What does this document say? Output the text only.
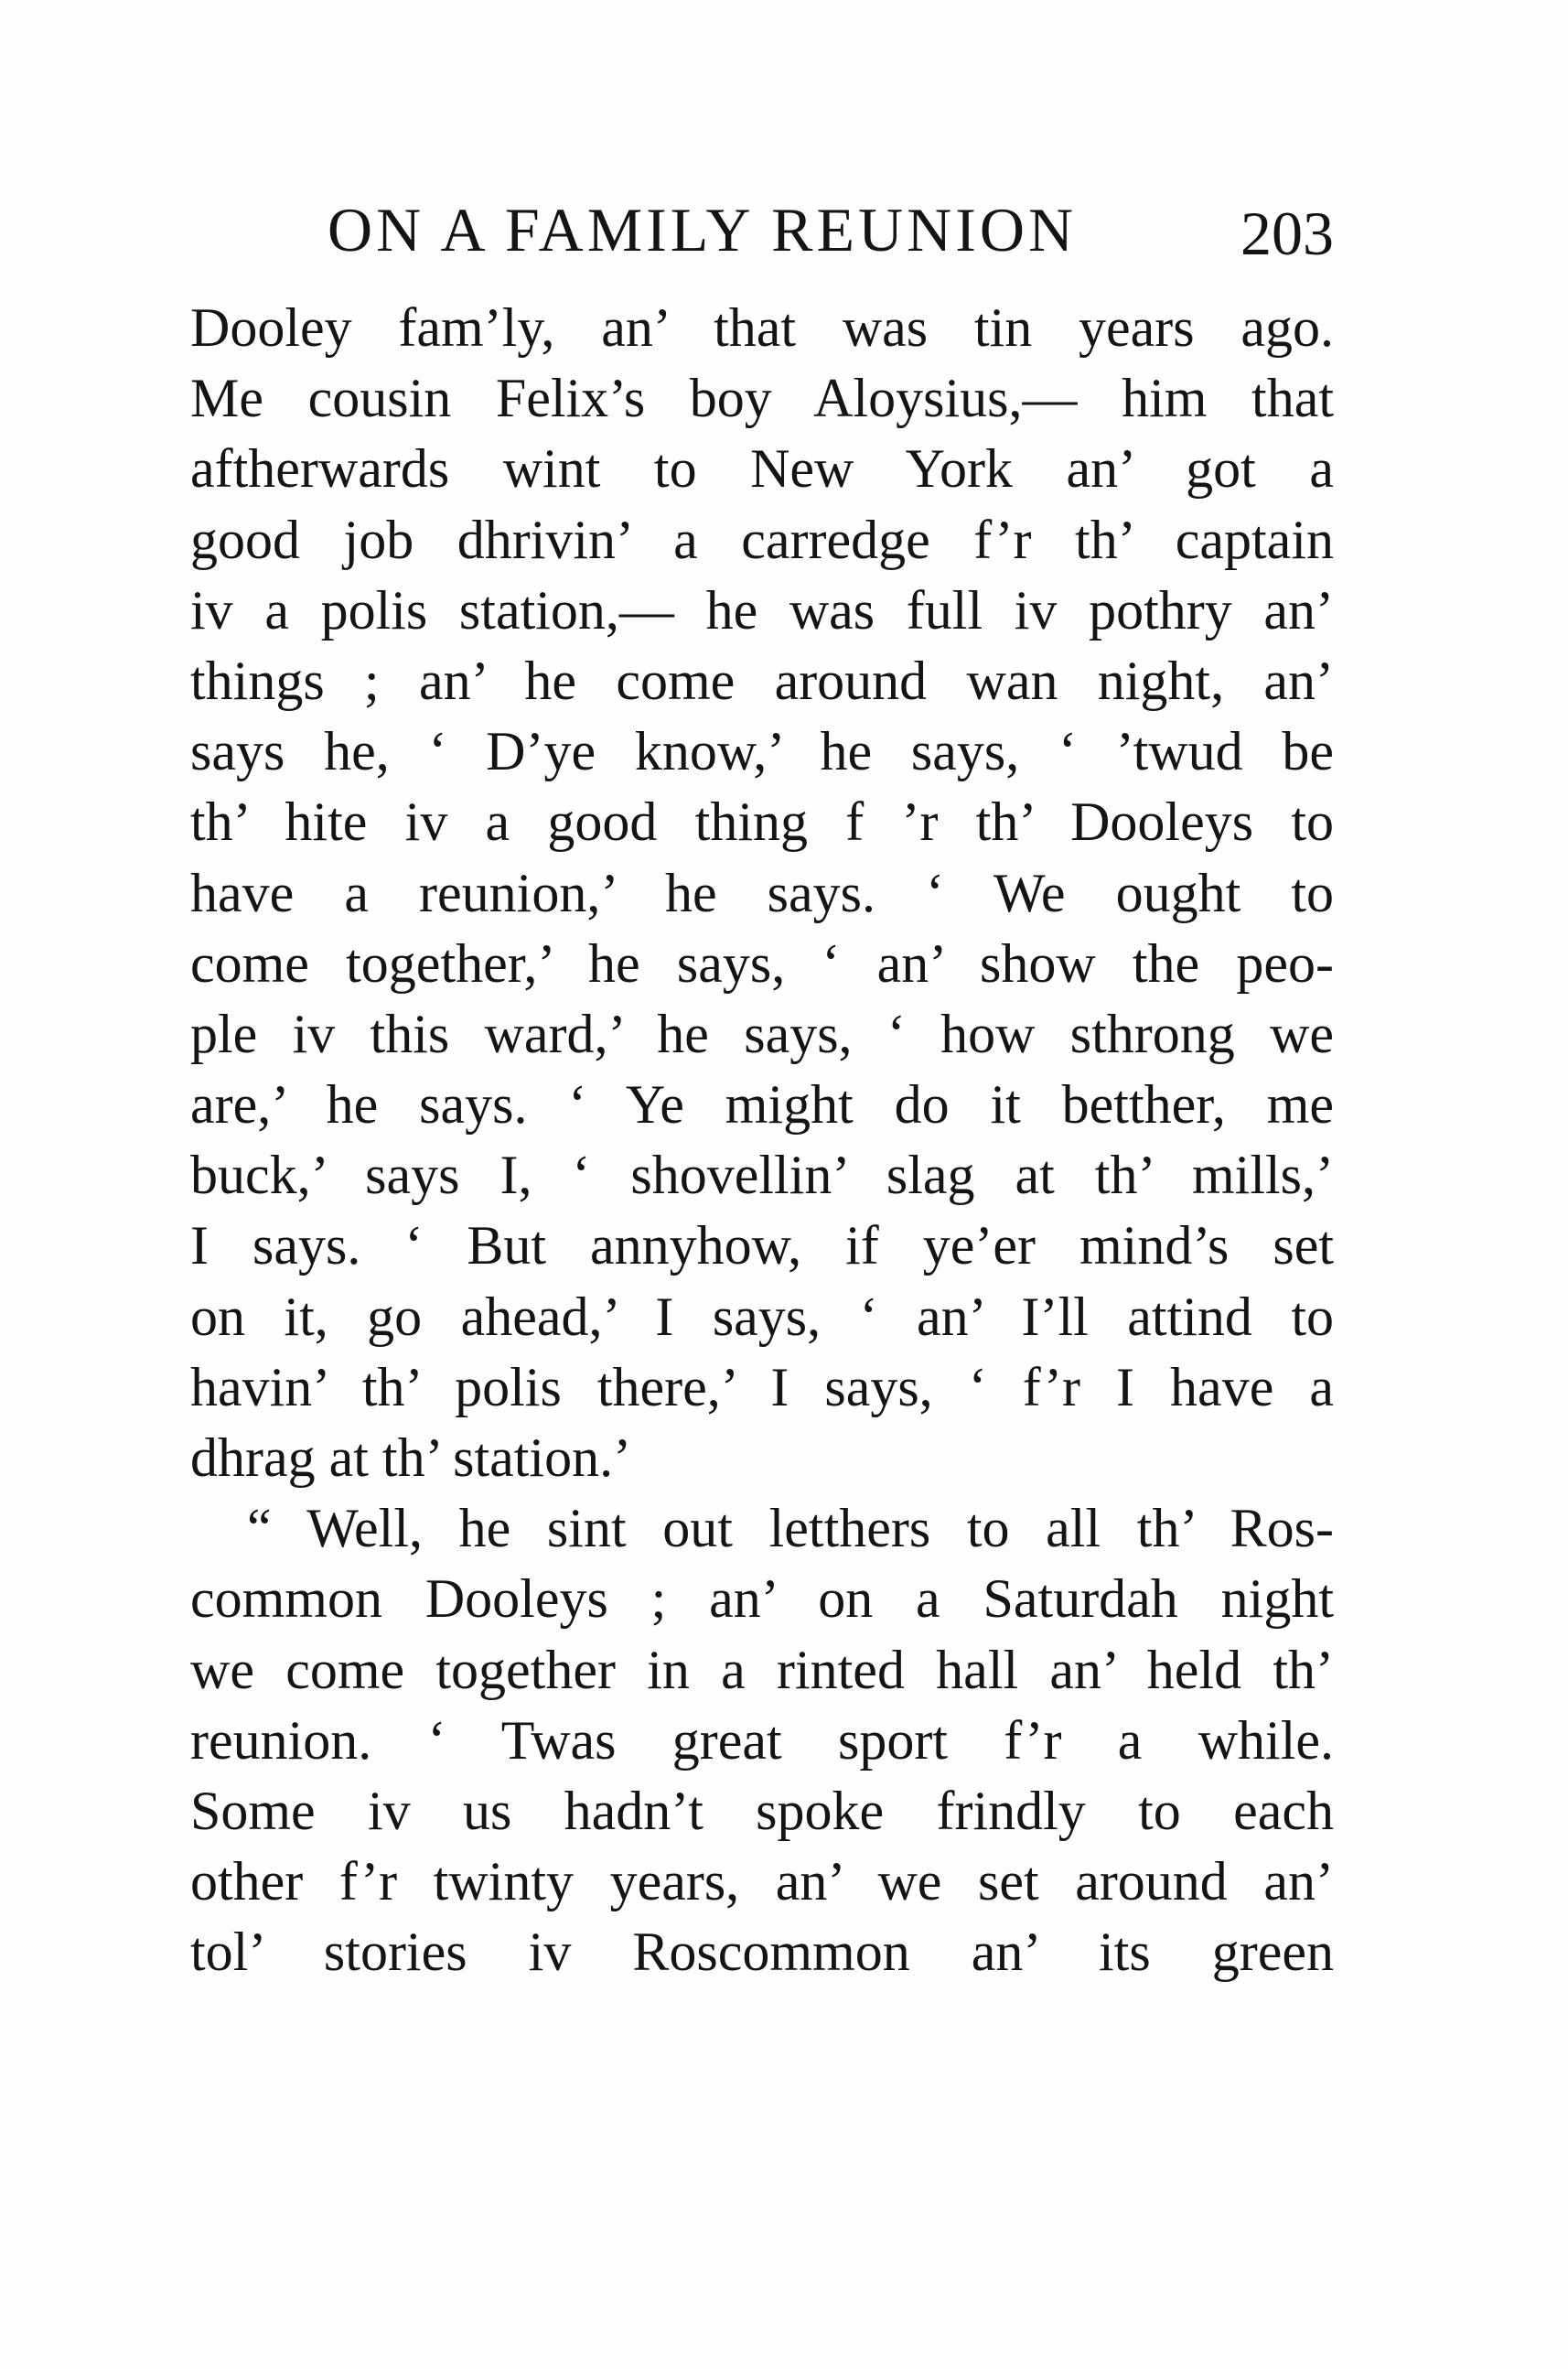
ON A FAMILY REUNION	203
Dooley fam’ly, an’ that was tin years ago.
Me cousin Felix’s boy Aloysius,— him that
aftherwards wint to New York an’ got a
good job dhrivin’ a carredge f’r th’ captain
iv a polis station,— he was full iv pothry an’
things ; an’ he come around wan night, an’
says he, ‘ D’ye know,’ he says, ‘ ’twud be
th’ hite iv a good thing f ’r th’ Dooleys to
have a reunion,’ he says. ‘ We ought to
come together,’ he says, ‘ an’ show the peo-
ple iv this ward,’ he says, ‘ how sthrong we
are,’ he says. ‘ Ye might do it betther, me
buck,’ says I, ‘ shovellin’ slag at th’ mills,’
I says. ‘ But annyhow, if ye’er mind’s set
on it, go ahead,’ I says, ‘ an’ I’ll attind to
havin’ th’ polis there,’ I says, ‘ f’r I have a
dhrag at th’ station.’
“ Well, he sint out letthers to all th’ Ros-
common Dooleys ; an’ on a Saturdah night
we come together in a rinted hall an’ held th’
reunion. ‘ Twas great sport f’r a while.
Some iv us hadn’t spoke frindly to each
other f’r twinty years, an’ we set around an’
tol’ stories iv Roscommon an’ its green
